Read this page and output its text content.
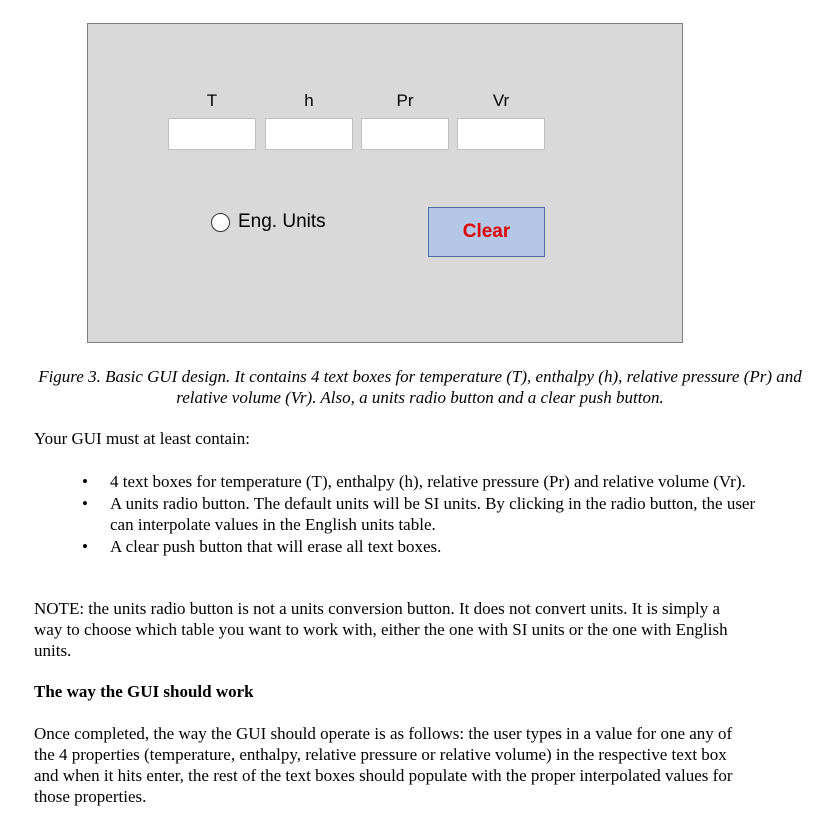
T	h	Pr	Vr
Eng. Units	Clear
Figure 3. Basic GUI design. It contains 4 text boxes for temperature (T), enthalpy (h), relative pressure (Pr) and relative volume (Vr). Also, a units radio button and a clear push button.

Your GUI must at least contain:

• 4 text boxes for temperature (T), enthalpy (h), relative pressure (Pr) and relative volume (Vr).
• A units radio button. The default units will be SI units. By clicking in the radio button, the user can interpolate values in the English units table.
• A clear push button that will erase all text boxes.

NOTE: the units radio button is not a units conversion button. It does not convert units. It is simply a way to choose which table you want to work with, either the one with SI units or the one with English units.

The way the GUI should work

Once completed, the way the GUI should operate is as follows: the user types in a value for one any of the 4 properties (temperature, enthalpy, relative pressure or relative volume) in the respective text box and when it hits enter, the rest of the text boxes should populate with the proper interpolated values for those properties.
